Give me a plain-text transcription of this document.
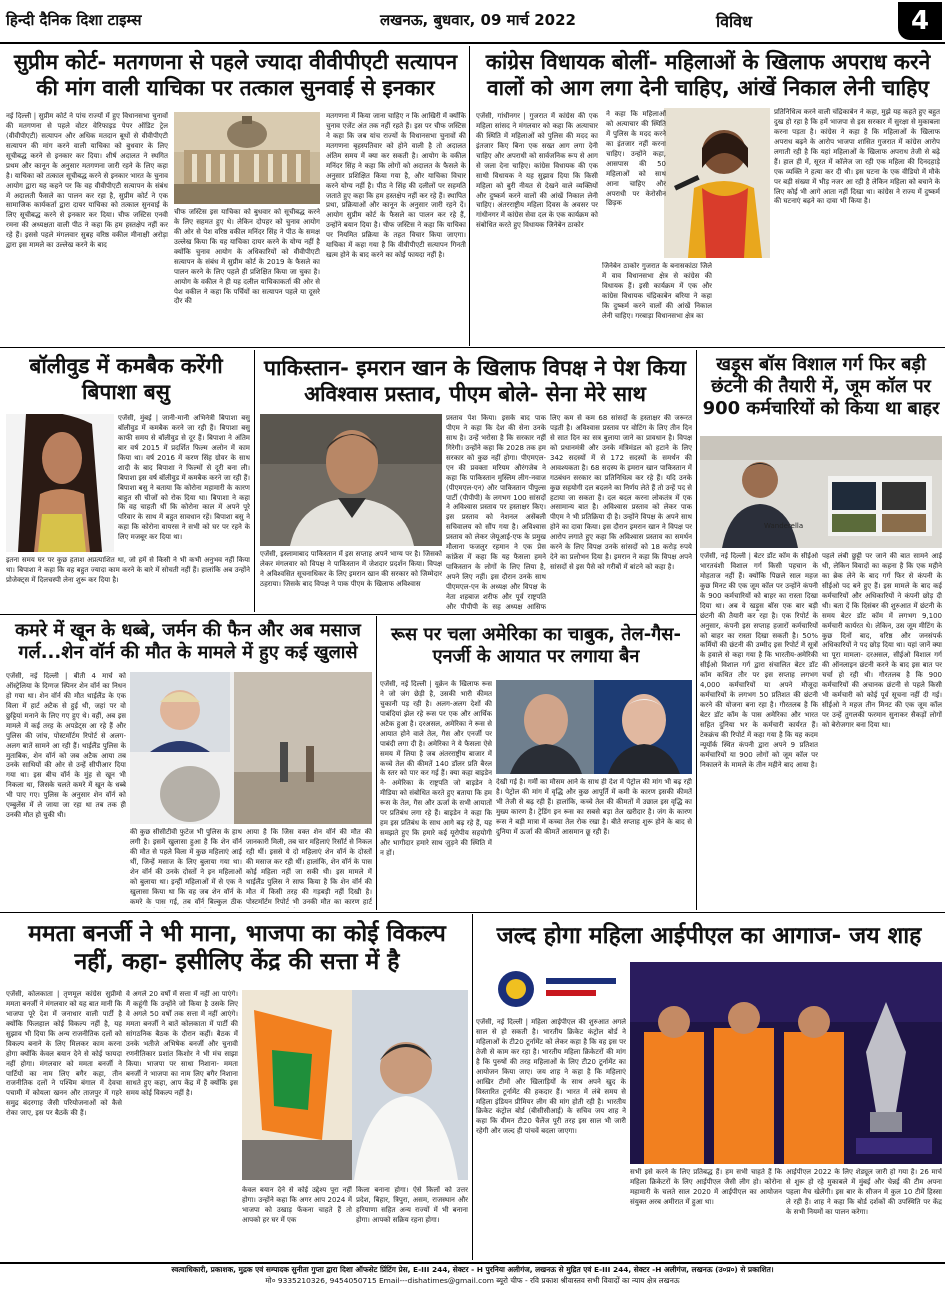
हिन्दी दैनिक दिशा टाइम्स	लखनऊ, बुधवार, 09 मार्च 2022	विविध	4
सुप्रीम कोर्ट- मतगणना से पहले ज्यादा वीवीपीएटी सत्यापन की मांग वाली याचिका पर तत्काल सुनवाई से इनकार
नई दिल्ली | सुप्रीम कोर्ट ने पांच राज्यों में हुए विधानसभा चुनावों की मतगणना से पहले वोटर वेरिफाइड पेपर ऑडिट ट्रेल (वीवीपीएटी) सत्यापन और अधिक मतदान बूथों से वीवीपीएटी सत्यापन की मांग करने वाली याचिका को बुधवार के लिए सूचीबद्ध करने से इनकार कर दिया। शीर्ष अदालत ने स्थगित प्रथम और कानून के अनुसार मतगणना जारी रहने के लिए कहा है। याचिका को तत्काल सूचीबद्ध करने से इनकार भारत के चुनाव आयोग द्वारा यह कहने पर कि वह वीवीपीएटी सत्यापन के संबंध में अदालती फैसले का पालन कर रहा है, सुप्रीम कोर्ट ने एक सामाजिक कार्यकर्ता द्वारा दायर याचिका को तत्काल सुनवाई के लिए सूचीबद्ध करने से इनकार कर दिया। चीफ जस्टिस एनवी रमना की अध्यक्षता वाली पीठ ने कहा कि हम हस्तक्षेप नहीं कर रहे हैं। इससे पहले मंगलवार सुबह वरिष्ठ वकील मीनाक्षी अरोड़ा द्वारा इस मामले का उल्लेख करने के बाद
चीफ जस्टिस इस याचिका को बुधवार को सूचीबद्ध करने के लिए सहमत हुए थे। लेकिन दोपहर को चुनाव आयोग की ओर से पेश वरिष्ठ वकील मनिंदर सिंह ने पीठ के समक्ष उल्लेख किया कि यह याचिका दायर करने के योग्य नहीं है क्योंकि चुनाव आयोग के अधिकारियों को वीवीपीएटी सत्यापन के संबंध में सुप्रीम कोर्ट के 2019 के फैसले का पालन करने के लिए पहले ही प्रशिक्षित किया जा चुका है। आयोग के वकील ने ही यह दलील याचिकाकर्ता की ओर से पेश वकील ने कहा कि पर्चियों का सत्यापन पहले या दूसरे दौर की
मतगणना में किया जाना चाहिए न कि आखिरी में क्योंकि चुनाव एजेंट अंत तक नहीं रहते हैं। इस पर चीफ जस्टिस ने कहा कि जब यांच राज्यों के विधानसभा चुनावों की मतगणना बृहस्पतिवार को होने वाली है तो अदालत अंतिम समय में क्या कर सकती है। आयोग के वकील मनिंदर सिंह ने कहा कि लोगों को अदालत के फैसले के अनुसार प्रशिक्षित किया गया है, और याचिका विचार करने योग्य नहीं है। पीठ ने सिंह की दलीलों पर सहमति जताते हुए कहा कि हम हस्तक्षेप नहीं कर रहे हैं। स्थापित प्रथा, प्रक्रियाओं और कानून के अनुसार जारी रहने दें। आयोग सुप्रीम कोर्ट के फैसले का पालन कर रहे हैं, उन्होंने बयान दिया है। चीफ जस्टिस ने कहा कि याचिका पर नियमित प्रक्रिया के तहत विचार किया जाएगा। याचिका में कहा गया है कि वीवीपीएटी सत्यापन गिनती खत्म होने के बाद करने का कोई फायदा नहीं है।
कांग्रेस विधायक बोलीं- महिलाओं के खिलाफ अपराध करने वालों को आग लगा देनी चाहिए, आंखें निकाल लेनी चाहिए
एजेंसी, गांधीनगर | गुजरात में कांग्रेस की एक महिला सांसद ने मंगलवार को कहा कि अत्याचार की स्थिति में महिलाओं को पुलिस की मदद का इंतजार किए बिना एक सख्त आग लगा देनी चाहिए और अपराधी को सार्वजनिक रूप से आग से जला देना चाहिए। कांग्रेस विधायक की एक साथी विधायक ने यह सुझाव दिया कि किसी महिला को बुरी नीयत से देखने वाले व्यक्तियों और दुष्कर्म करने वालों की आंखें निकाल लेनी चाहिए। अंतरराष्ट्रीय महिला दिवस के अवसर पर गांधीनगर में कांग्रेस सेवा दल के एक कार्यक्रम को संबोधित करते हुए विधायक जिनेबेन ठाकोर
ने कहा कि महिलाओं को अत्याचार की स्थिति में पुलिस के मदद करने का इंतजार नहीं करना चाहिए। उन्होंने कहा, आसपास की 50 महिलाओं को साथ आना चाहिए और अपराधी पर केरोसीन छिड़क
जिनेबेन ठाकोर गुजरात के बनासकांठा जिले में वाव विधानसभा क्षेत्र से कांग्रेस की विधायक हैं। इसी कार्यक्रम में एक और कांग्रेस विधायक चंद्रिकाबेन बरिया ने कहा कि दुष्कर्म करने वालों की आंखें निकाल लेनी चाहिए। गरबाड़ा विधानसभा क्षेत्र का
प्रतिनिधित्व करने वाली चंद्रिकाबेन ने कहा, मुझे यह कहते हुए बहुत दुख हो रहा है कि हमें भाजपा से इस सरकार में सुरक्षा से मुकाबला करना पड़ता है। कांग्रेस ने कहा है कि महिलाओं के खिलाफ अपराध बढ़ने के आरोप भाजपा शासित गुजरात में कांग्रेस आरोप लगाती रही है कि यहां महिलाओं के खिलाफ अपराध तेजी से बढ़े हैं। हाल ही में, सूरत में कॉलेज जा रही एक महिला की दिनदहाड़े एक व्यक्ति ने हत्या कर दी थी। इस घटना के एक वीडियो में मौके पर बड़ी संख्या में भीड़ नजर आ रही है लेकिन महिला को बचाने के लिए कोई भी आगे आता नहीं दिखा था। कांग्रेस ने राज्य में दुष्कर्म की घटनाएं बढ़ने का दावा भी किया है।
बॉलीवुड में कमबैक करेंगी बिपाशा बसु
एजेंसी, मुंबई | जानी-मानी अभिनेत्री बिपाशा बसु बॉलीवुड में कमबैक करने जा रही हैं। बिपाशा बसु काफी समय से बॉलीवुड से दूर हैं। बिपाशा ने अंतिम बार वर्ष 2015 में प्रदर्शित फिल्म अलोन में काम किया था। वर्ष 2016 में करण सिंह ग्रोवर के साथ शादी के बाद बिपाशा ने फिल्मों से दूरी बना ली। बिपाशा इस वर्ष बॉलीवुड में कमबैक करने जा रही हैं। बिपाशा बसु ने बताया कि कोरोना महामारी के कारण बाहुत सी चीजों को रोक दिया था। बिपाशा ने कहा कि वह चाहती थीं कि कोरोना काल में अपने पूरे परिवार के साथ में बहुत सावधान रहें। बिपाशा बसु ने कहा कि कोरोना वायरस ने सभी को घर पर रहने के लिए मजबूर कर दिया था।
इतना समय घर पर कुछ हताश अप्रत्याशित था, जो हमें से किसी ने भी कभी अनुभव नहीं किया था। बिपाशा ने कहा कि वह बहुत ज्यादा काम करने के बारे में सोचती नहीं हैं। हालांकि अब उन्होंने प्रोजेक्ट्स में दिलचस्पी लेना शुरू कर दिया है।
पाकिस्तान- इमरान खान के खिलाफ विपक्ष ने पेश किया अविश्वास प्रस्ताव, पीएम बोले- सेना मेरे साथ
एजेंसी, इस्लामाबाद पाकिस्तान में इस सप्ताह अपने भाग्य पर है। जिसको लेकर मंगलवार को विपक्ष ने पाकिस्तान में जेशदार प्रदर्शन किया। विपक्ष ने अविश्वसित सूचनाधिकर के लिए इमरान खान की सरकार को जिम्मेदार ठहराया। जिसके बाद विपक्ष ने पाक पीएम के खिलाफ अविश्वास
प्रस्ताव पेश किया। इसके बाद पाक पीएम ने कहा कि देश की सेना उनके साथ है। उन्हें भरोसा है कि सरकार नहीं गिरेगी। उन्होंने कहा कि 2028 तक हम सरकार को कुछ नहीं होगा। पीएमएल-एन की प्रवक्ता मरियम औरंगजेब ने कहा कि पाकिस्तान मुस्लिम लीग-नवाज (पीएमएल-एन) और पाकिस्तान पीपुल्स पार्टी (पीपीपी) के लगभग 100 सांसदों ने अविश्वास प्रस्ताव पर हस्ताक्षर किए। इस प्रस्ताव को नेशनल असेंबली सचिवालय को सौंप गया है। अविश्वास प्रस्ताव को लेकर जेयूआई-एफ के प्रमुख मौलाना फजलुर रहमान ने एक प्रेस कांफ्रेंस में कहा कि यह फैसला हमने पाकिस्तान के लोगों के लिए लिया है, अपने लिए नहीं। इस दौरान उनके साथ पीएमएल-एन के अध्यक्ष और विपक्ष के नेता शहबाज शरीफ और पूर्व राष्ट्रपति और पीपीपी के सह अध्यक्ष आसिफ
लिए कम से कम 68 सांसदों के हस्ताक्षर की जरूरत पड़ती है। अविश्वास प्रस्ताव पर वोटिंग के लिए तीन दिन से सात दिन का सत्र बुलाया जाने का प्रावधान है। विपक्ष को प्रधानमंत्री और उनके मंत्रिमंडल को हटाने के लिए 342 सदस्यों में से 172 सदस्यों के समर्थन की आवश्यकता है। 68 सदस्य के इमरान खान पाकिस्तान में गठबंधन सरकार का प्रतिनिधित्व कर रहे हैं। यदि उनके कुछ सहयोगी दल बदलने का निर्णय लेते हैं तो उन्हें पद से हटाया जा सकता है। दल बदल करना लोकतंत्र में एक असामान्य बात है। अविश्वास प्रस्ताव को लेकर पाक पीएम ने भी प्रतिक्रिया दी है। उन्होंने विपक्ष के अपने साथ होने का दावा किया। इस दौरान इमरान खान ने विपक्ष पर आरोप लगाते हुए कहा कि अविश्वास प्रस्ताव का समर्थन करने के लिए विपक्ष उनके सांसदों को 18 करोड़ रुपये देने का प्रलोभन दिया है। इमरान ने कहा कि विपक्ष अपने सांसदों से इस पैसे को गरीबों में बांटने को कहा है।
खड़ूस बॉस विशाल गर्ग फिर बड़ी छंटनी की तैयारी में, जूम कॉल पर 900 कर्मचारियों को किया था बाहर
Wanderella
एजेंसी, नई दिल्ली | बेटर डॉट कॉम के सीईओ भारतवंशी विशाल गर्ग किसी पहचान के मोहताज नहीं हैं। क्योंकि पिछले साल महज कुछ मिनट की एक जूम कॉल पर उन्होंने कंपनी के 900 कर्मचारियों को बाहर का रास्ता दिखा दिया था। अब वे खड़ूस बॉस एक बार बड़ी छंटनी की तैयारी कर रहा है। एक रिपोर्ट के अनुसार, कंपनी इस सप्ताह हजारों कर्मचारियों को बाहर का रास्ता दिखा सकती है। 50% कर्मियों की छंटनी की उम्मीद इस रिपोर्ट में सूत्रों के हवाले से कहा गया है कि भारतीय-अमेरिकी सीईओ विशाल गर्ग द्वारा संचालित बेटर डॉट कॉम कथित तौर पर इस सप्ताह लगभग 4,000 कर्मचारियों या अपने मौजूदा कर्मचारियों के लगभग 50 प्रतिशत की छंटनी करने की योजना बना रहा है। गौरतलब है कि बेटर डॉट कॉम के पास अमेरिका और भारत सहित दुनिया भर के कर्मचारी कार्यरत हैं। टेकक्रंच की रिपोर्ट में कहा गया है कि यह कदम न्यूयॉर्क स्थित कंपनी द्वारा अपने 9 प्रतिशत कर्मचारियों या 900 लोगों को जूम कॉल पर निकालने के मामले के तीन महीने बाद आया है।
पहले लंबी छुट्टी पर जाने की बात सामने आई थी, लेकिन विवादों का कहना है कि एक महीने का ब्रेक लेने के बाद गर्ग फिर से कंपनी के सीईओ पद बने हुए हैं। इस मामले के बाद कई कर्मचारियों और अधिकारियों ने कंपनी छोड़ दी थी। बता दें कि दिसंबर की शुरुआत में छंटनी के समय बेटर डॉट कॉम में लगभग 9,100 कर्मचारी कार्यरत थे। लेकिन, उस जूम मीटिंग के कुछ दिनों बाद, वरिष्ठ और जनसंपर्क अधिकारियों ने पद छोड़ दिया था। यहां जानें क्या था पूरा मामला- दरअसल, सीईओ विशाल गर्ग की ऑनलाइन छंटनी करने के बाद इस बात पर चर्चा हो रही थी। गौरतलब है कि 900 कर्मचारियों की अचानक छंटनी से पहले किसी भी कर्मचारी को कोई पूर्व सूचना नहीं दी गई। सीईओ ने महज तीन मिनट की एक जूम कॉल पर उन्हें तुगलकी फरमान सुनाकर सैकड़ों लोगों को बेरोजगार बना दिया था।
कमरे में खून के धब्बे, जर्मन की फैन और अब मसाज गर्ल...शेन वॉर्न की मौत के मामले में हुए कई खुलासे
एजेंसी, नई दिल्ली | बीती 4 मार्च को ऑस्ट्रेलिया के दिग्गज स्पिनर शेन वॉर्न का निधन हो गया था। शेन वॉर्न की मौत थाईलैंड के एक विला में हार्ट अटैक से हुई थी, जहां पर वो छुट्टियां मनाने के लिए गए हुए थे। वहीं, अब इस मामले में कई तरह के अपडेट्स आ रहे हैं और पुलिस की जांच, पोस्टमॉर्टम रिपोर्ट से अलग-अलग बातें सामने आ रही हैं। थाईलैंड पुलिस के मुताबिक, शेन वॉर्न को जब अटैक आया तब उनके साथियों की ओर से उन्हें सीपीआर दिया गया था। इस बीच वॉर्न के मुंह से खून भी निकला था, जिसके चलते कमरे में खून के धब्बे भी पाए गए। पुलिस के अनुसार शेन वॉर्न को एम्बुलेंस में ले जाया जा रहा था तब तक ही उनकी मौत हो चुकी थी।
की कुछ सीसीटीवी फुटेज भी पुलिस के हाथ लगी है। इसमें खुलासा हुआ है कि शेन वॉर्न की मौत से पहले विला में कुछ महिलाएं आई थीं, जिन्हें मसाज के लिए बुलाया गया था। शेन वॉर्न की उनके दोस्तों ने इन महिलाओं को बुलाया था। इन्हीं महिलाओं में से एक ने खुलासा किया था कि वह जब शेन वॉर्न के कमरे के पास गई, तब वॉर्न बिल्कुल ठीक
आया है कि जिस वक्त शेन वॉर्न की मौत की जानकारी मिली, तब चार महिलाएं रिसॉर्ट से निकल रही थीं। इससे ये दो महिलाएं शेन वॉर्न के दोस्तों की मसाज कर रही थीं। हालांकि, शेन वॉर्न के पास कोई महिला नहीं जा सकी थी। इस मामले में थाईलैंड पुलिस ने साफ किया है कि शेन वॉर्न की मौत में किसी तरह की गड़बड़ी नहीं दिखी है। पोस्टमॉर्टम रिपोर्ट भी उनकी मौत का कारण हार्ट
रूस पर चला अमेरिका का चाबुक, तेल-गैस-एनर्जी के आयात पर लगाया बैन
एजेंसी, नई दिल्ली | यूक्रेन के खिलाफ रूस ने जो जंग छेड़ी है, उसकी भारी कीमत चुकानी पड़ रही है। अलग-अलग देशों की पाबंदियां झेल रहे रूस पर एक और आर्थिक अटैक हुआ है। दरअसल, अमेरिका ने रूस से आयात होने वाले तेल, गैस और एनर्जी पर पाबंदी लगा दी है। अमेरिका ने ये फैसला ऐसे समय में लिया है जब अंतरराष्ट्रीय बाजार में कच्चे तेल की कीमतें 140 डॉलर प्रति बैरल के स्तर को पार कर गई हैं। क्या कहा बाइडेन ने- अमेरिका के राष्ट्रपति जो बाइडेन ने मीडिया को संबोधित करते हुए बताया कि हम रूस के तेल, गैस और ऊर्जा के सभी आयातों पर प्रतिबंध लगा रहे हैं। बाइडेन ने कहा कि हम इस प्रतिबंध के साथ आगे बढ़ रहे हैं, यह समझते हुए कि हमारे कई यूरोपीय सहयोगी और भागीदार हमारे साथ जुड़ने की स्थिति में न हों।
देखी गई है। गर्मी का मौसम आने के साथ ही देश में पेट्रोल की मांग भी बढ़ रही है। पेट्रोल की मांग में वृद्धि और कुछ आपूर्ति में कमी के कारण इसकी कीमतें भी तेजी से बढ़ रही हैं। हालांकि, कच्चे तेल की कीमतों में उछाल इस वृद्धि का मुख्य कारण है। ट्रेडिंग इन रूस का सबसे बड़ा तेल खरीदार है। जंग के कारण रूस ने बड़ी मात्रा में कच्चा तेल रोक रखा है। बीते सप्ताह शुरू होने के बाद से दुनिया में ऊर्जा की कीमतें आसमान छू रही हैं।
ममता बनर्जी ने भी माना, भाजपा का कोई विकल्प नहीं, कहा- इसीलिए केंद्र की सत्ता में है
एजेंसी, कोलकाता | तृणमूल कांग्रेस सुप्रीमो ममता बनर्जी ने मंगलवार को यह बात मानी कि भाजपा पूरे देश में जनाधार वाली पार्टी है क्योंकि फिलहाल कोई विकल्प नहीं है, यह सुझाव भी दिया कि अन्य राजनीतिक दलों को विकल्प बनाने के लिए मिलकर काम करना होगा क्योंकि केवल बयान देने से कोई फायदा नहीं होगा। मंगलवार को ममता बनर्जी ने पार्टियों का नाम लिए बगैर कहा, तीन राजनीतिक दलों ने पश्चिम बंगाल में देवचा पचामी में कोयला खनन और ताजपुर में गहरे समुद्र बंदरगाह जैसी परियोजनाओं को कैसे रोका जाए, इस पर बैठकें की हैं।
वे अगले 20 वर्षों में सत्ता में नहीं आ पाएंगे। मैं कहूंगी कि उन्होंने जो किया है उसके लिए वे अगले 50 वर्षों तक सत्ता में नहीं आएंगे। ममता बनर्जी ने बातें कोलकाता में पार्टी की सांगठनिक बैठक के दौरान कहीं। बैठक में उनके भतीजे अभिषेक बनर्जी और चुनावी रणनीतिकार प्रशांत किशोर ने भी मंच साझा किया। भाजपा पर साधा निशाना- ममता बनर्जी ने भाजपा का नाम लिए बगैर निशाना साधते हुए कहा, आप केंद्र में हैं क्योंकि इस समय कोई विकल्प नहीं है।
केवल बयान देने से कोई उद्देश्य पूरा नहीं होगा। उन्होंने कहा कि अगर आप 2024 में भाजपा को उखाड़ फेंकना चाहते हैं तो आपको हर घर में एक
किला बनाना होगा। ऐसे किलों को उत्तर प्रदेश, बिहार, त्रिपुरा, असम, राजस्थान और हरियाणा सहित अन्य राज्यों में भी बनाना होगा। आपको सक्रिय रहना होगा।
जल्द होगा महिला आईपीएल का आगाज- जय शाह
एजेंसी, नई दिल्ली | महिला आईपीएल की शुरुआत अगले साल से हो सकती है। भारतीय क्रिकेट कंट्रोल बोर्ड ने महिलाओं के टी20 टूर्नामेंट को लेकर कहा है कि वह इस पर तेजी से काम कर रहा है। भारतीय महिला क्रिकेटरों की मांग है कि पुरुषों की तरह महिलाओं के लिए टी20 टूर्नामेंट का आयोजन किया जाए। जय शाह ने कहा है कि महिलाएं आखिर टीमों और खिलाड़ियों के साथ अपने खुद के विस्तारित टूर्नामेंट की हकदार हैं। भारत में लंबे समय से महिला इंडियन प्रीमियर लीग की मांग होती रही है। भारतीय क्रिकेट कंट्रोल बोर्ड (बीसीसीआई) के सचिव जय शाह ने कहा कि वीमन टी20 चैलेंज पूरी तरह इस साल भी जारी रहेगी और जल्द ही पांचवें बदला जाएगा।
सभी इसे करने के लिए प्रतिबद्ध हैं। हम सभी चाहते हैं कि महिला क्रिकेटरों के लिए आईपीएल जैसी लीग हो। कोरोना महामारी के चलते साल 2020 में आईपीएल का आयोजन संयुक्त अरब अमीरात में हुआ था।
आईपीएल 2022 के लिए शेड्यूल जारी हो गया है। 26 मार्च से शुरू हो रहे मुकाबले में मुंबई और चेन्नई की टीम अपना पहला मैच खेलेंगी। इस बार के सीजन में कुल 10 टीमें हिस्सा ले रही हैं। शाह ने कहा कि बोर्ड दर्शकों की उपस्थिति पर केंद्र के सभी नियमों का पालन करेगा।
स्वत्वाधिकारी, प्रकाशक, मुद्रक एवं सम्पादक सुनीता गुप्ता द्वारा दिशा ऑफसेट प्रिंटिंग प्रेस, E-III 244, सेक्टर - H पुरनिया अलीगंज, लखनऊ से मुद्रित एवं E-III 244, सेक्टर -H अलीगंज, लखनऊ (उ०प्र०) से प्रकाशित।
मो० 9335210326, 9454050715 Email---dishatimes@gmail.com ब्यूरो चीफ - रवि प्रकाश श्रीवास्तव सभी विवादों का न्याय क्षेत्र लखनऊ
